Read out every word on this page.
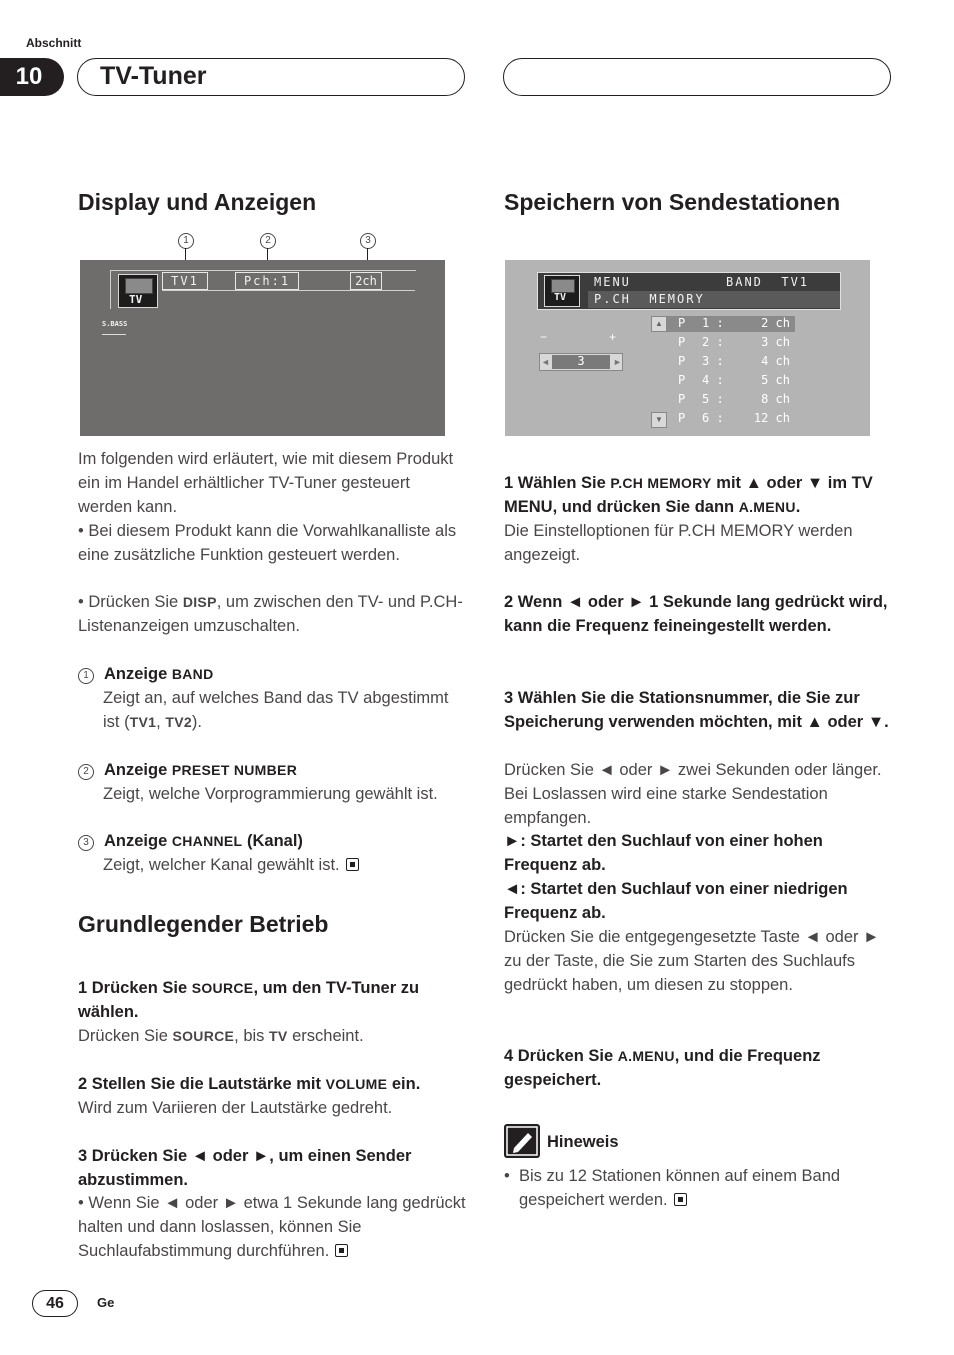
Abschnitt
10	TV-Tuner
Display und Anzeigen
1	2	3
TV
TV1	Pch:1	2ch
S.BASS

Im folgenden wird erläutert, wie mit diesem Produkt ein im Handel erhältlicher TV-Tuner gesteuert werden kann.

• Bei diesem Produkt kann die Vorwahlkanalliste als eine zusätzliche Funktion gesteuert werden.

• Drücken Sie DISP, um zwischen den TV- und P.CH-Listenanzeigen umzuschalten.

1 Anzeige BAND
Zeigt an, auf welches Band das TV abgestimmt ist (TV1, TV2).
2 Anzeige PRESET NUMBER
Zeigt, welche Vorprogrammierung gewählt ist.
3 Anzeige CHANNEL (Kanal)
Zeigt, welcher Kanal gewählt ist.
Grundlegender Betrieb

1 Drücken Sie SOURCE, um den TV-Tuner zu wählen.

Drücken Sie SOURCE, bis TV erscheint.

2 Stellen Sie die Lautstärke mit VOLUME ein.

Wird zum Variieren der Lautstärke gedreht.

3 Drücken Sie ◄ oder ►, um einen Sender abzustimmen.

• Wenn Sie ◄ oder ► etwa 1 Sekunde lang gedrückt halten und dann loslassen, können Sie Suchlaufabstimmung durchführen.

Speichern von Sendestationen
TV
MENU	BAND  TV1
P.CH  MEMORY
−	+
◄	3	►
▲
▼
P 1 :	2 ch
P 2 :	3 ch
P 3 :	4 ch
P 4 :	5 ch
P 5 :	8 ch
P 6 :	12 ch

1 Wählen Sie P.CH MEMORY mit ▲ oder ▼ im TV MENU, und drücken Sie dann A.MENU.

Die Einstelloptionen für P.CH MEMORY werden angezeigt.

2 Wenn ◄ oder ► 1 Sekunde lang gedrückt wird, kann die Frequenz feineingestellt werden.

3 Wählen Sie die Stationsnummer, die Sie zur Speicherung verwenden möchten, mit ▲ oder ▼.

Drücken Sie ◄ oder ► zwei Sekunden oder länger. Bei Loslassen wird eine starke Sendestation empfangen.

►: Startet den Suchlauf von einer hohen Frequenz ab.

◄: Startet den Suchlauf von einer niedrigen Frequenz ab.

Drücken Sie die entgegengesetzte Taste ◄ oder ► zu der Taste, die Sie zum Starten des Suchlaufs gedrückt haben, um diesen zu stoppen.

4 Drücken Sie A.MENU, und die Frequenz gespeichert.

Hineweis
• Bis zu 12 Stationen können auf einem Band gespeichert werden.
46	Ge
